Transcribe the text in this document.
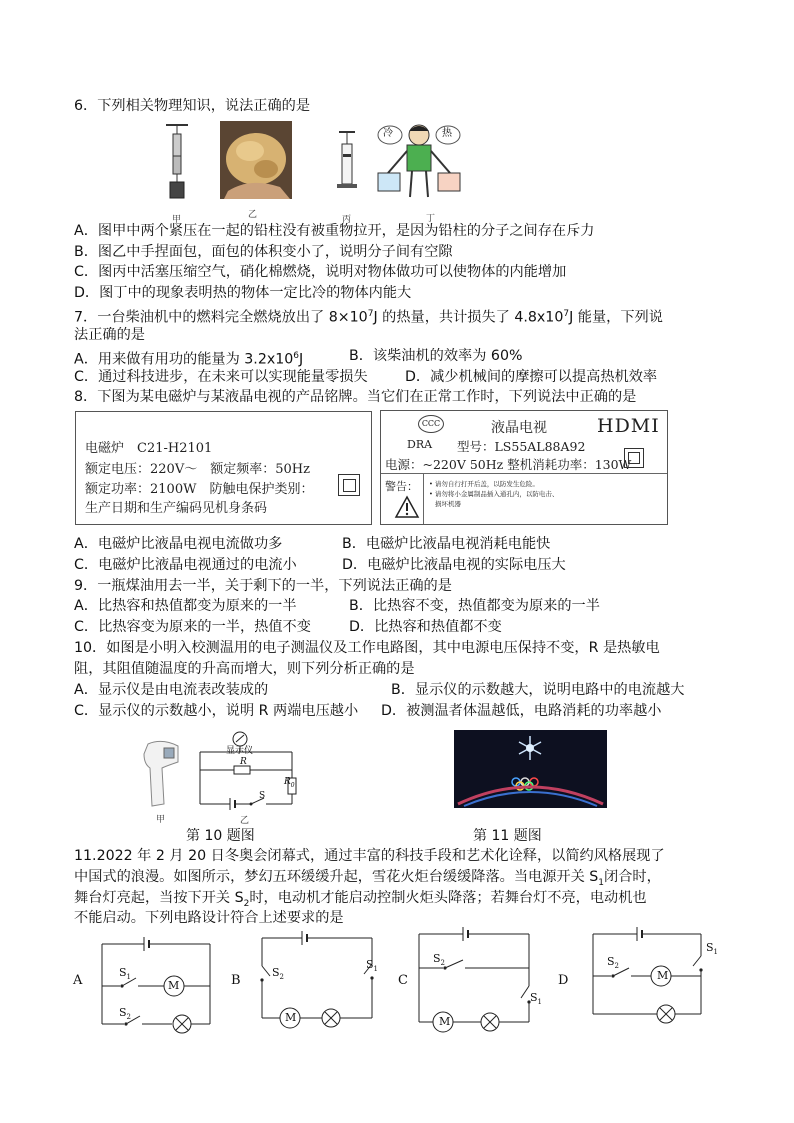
6．下列相关物理知识，说法正确的是
甲	乙	丙
冷	热
丁
A．图甲中两个紧压在一起的铅柱没有被重物拉开，是因为铅柱的分子之间存在斥力
B．图乙中手捏面包，面包的体积变小了，说明分子间有空隙
C．图丙中活塞压缩空气，硝化棉燃烧，说明对物体做功可以使物体的内能增加
D．图丁中的现象表明热的物体一定比冷的物体内能大
7．一台柴油机中的燃料完全燃烧放出了 $8\times 10^7J$ 的热量，共计损失了 $4.8x10^7J$ 能量，下列说
法正确的是
A．用来做有用功的能量为 $3.2x10^6J$	B．该柴油机的效率为 60%
C．通过科技进步，在未来可以实现能量零损失	D．减少机械间的摩擦可以提高热机效率
8．下图为某电磁炉与某液晶电视的产品铭牌。当它们在正常工作时，下列说法中正确的是
电磁炉　C21-H2101
额定电压：220V～　额定频率：50Hz
额定功率：2100W　防触电保护类别：
生产日期和生产编码见机身条码
CCC	液晶电视	HDMI
DRA 型号：LS55AL88A92
电源：~220V 50Hz 整机消耗功率：130W
警告： • 请勿自行打开后盖，以防发生危险。
• 请勿将小金属制品插入通孔内，以防电击、
损坏机器
A．电磁炉比液晶电视电流做功多	B．电磁炉比液晶电视消耗电能快
C．电磁炉比液晶电视通过的电流小	D．电磁炉比液晶电视的实际电压大
9．一瓶煤油用去一半，关于剩下的一半，下列说法正确的是
A．比热容和热值都变为原来的一半	B．比热容不变，热值都变为原来的一半
C．比热容变为原来的一半，热值不变	D．比热容和热值都不变
10．如图是小明入校测温用的电子测温仪及工作电路图，其中电源电压保持不变，R 是热敏电
阻，其阻值随温度的升高而增大，则下列分析正确的是
A．显示仪是由电流表改装成的	B．显示仪的示数越大，说明电路中的电流越大
C．显示仪的示数越小，说明 R 两端电压越小 D．被测温者体温越低，电路消耗的功率越小
甲
显示仪
R
$R_0$
S
乙
第 10 题图	第 11 题图
11.2022 年 2 月 20 日冬奥会闭幕式，通过丰富的科技手段和艺术化诠释，以简约风格展现了
中国式的浪漫。如图所示，梦幻五环缓缓升起，雪花火炬台缓缓降落。当电源开关 $S_1$闭合时，
舞台灯亮起，当按下开关 $S_2$时，电动机才能启动控制火炬头降落；若舞台灯不亮，电动机也
不能启动。下列电路设计符合上述要求的是
A	B	C	D
M
$S_1$
$S_2$	M
$S_2$
$S_1$
M
$S_2$
$S_1$
M
$S_2$
$S_1$
